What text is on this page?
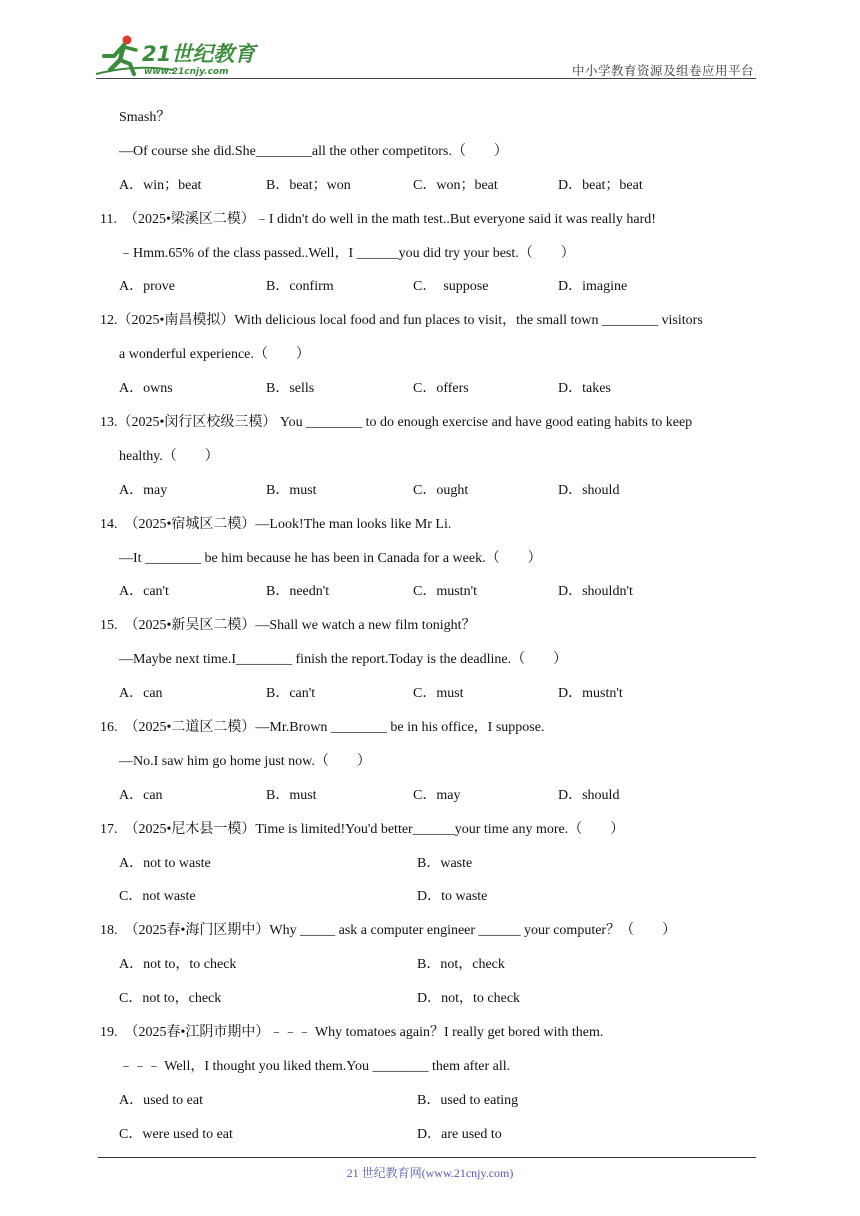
21世纪教育
www.21cnjy.com	中小学教育资源及组卷应用平台
Smash？
—Of course she did.She________all the other competitors.（　　）
A．win；beat	B．beat；won	C．won；beat	D．beat；beat
11.　（2025•梁溪区二模）﹣I didn't do well in the math test..But everyone said it was really hard!
﹣Hmm.65% of the class passed..Well，I ______you did try your best.（　　）
A．prove	B．confirm	C．　suppose	D．imagine
12.（2025•南昌模拟）With delicious local food and fun places to visit，the small town ________ visitors
a wonderful experience.（　　）
A．owns	B．sells	C．offers	D．takes
13.（2025•闵行区校级三模） You ________ to do enough exercise and have good eating habits to keep
healthy.（　　）
A．may	B．must	C．ought	D．should
14.　（2025•宿城区二模）—Look!The man looks like Mr Li.
—It ________ be him because he has been in Canada for a week.（　　）
A．can't	B．needn't	C．mustn't	D．shouldn't
15.　（2025•新吴区二模）—Shall we watch a new film tonight？
—Maybe next time.I________ finish the report.Today is the deadline.（　　）
A．can	B．can't	C．must	D．mustn't
16.　（2025•二道区二模）—Mr.Brown ________ be in his office，I suppose.
—No.I saw him go home just now.（　　）
A．can	B．must	C．may	D．should
17.　（2025•尼木县一模）Time is limited!You'd better______your time any more.（　　）
A．not to waste	B．waste
C．not waste	D．to waste
18.　（2025春•海门区期中）Why _____ ask a computer engineer ______ your computer？（　　）
A．not to，to check	B．not，check
C．not to，check	D．not，to check
19.　（2025春•江阴市期中）﹣﹣﹣ Why tomatoes again？I really get bored with them.
﹣﹣﹣ Well，I thought you liked them.You ________ them after all.
A．used to eat	B．used to eating
C．were used to eat	D．are used to
21 世纪教育网(www.21cnjy.com)
